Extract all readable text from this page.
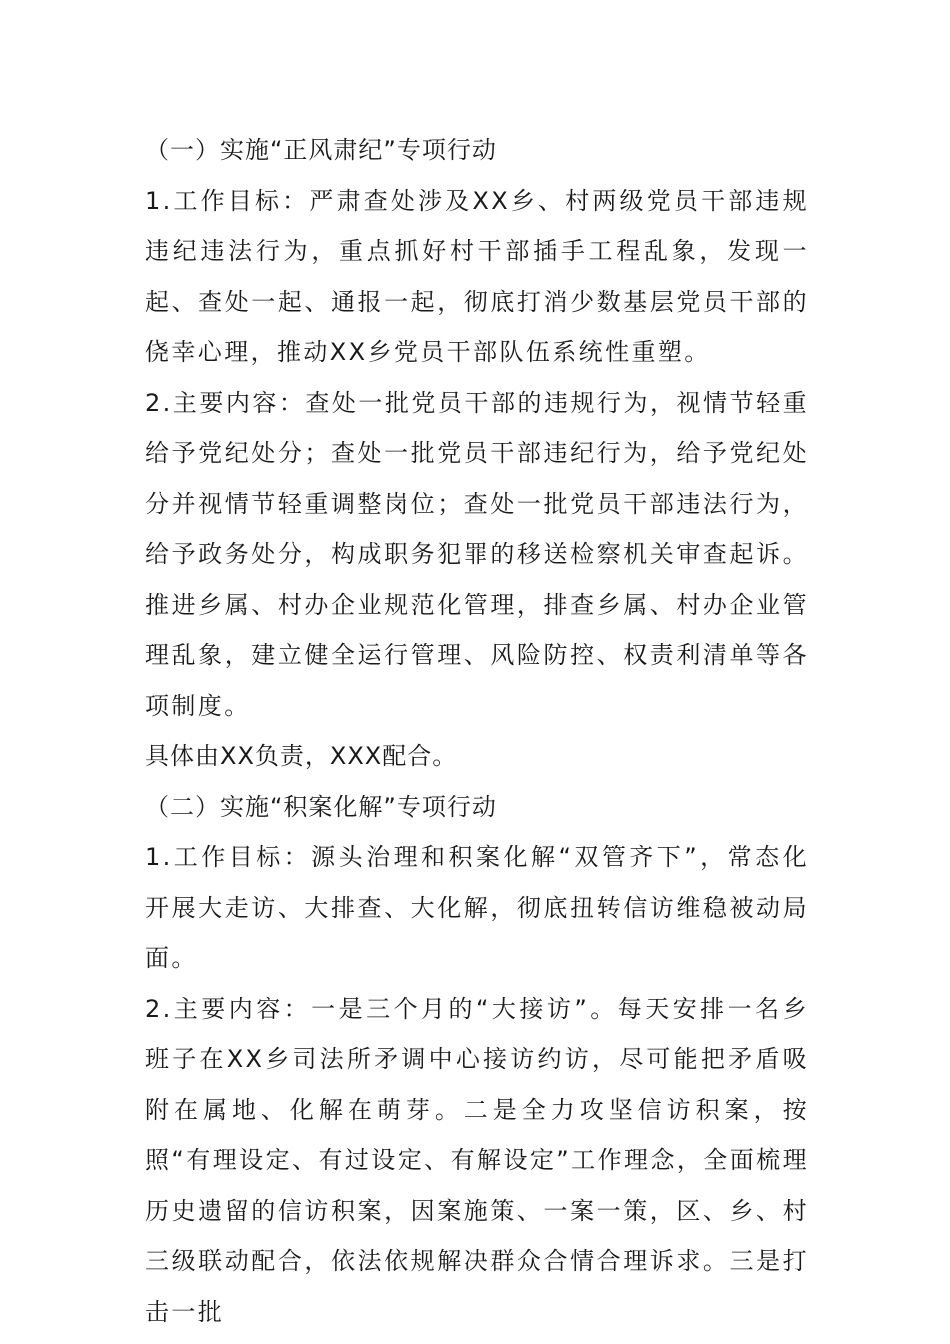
（一）实施“正风肃纪”专项行动

1.工作目标：严肃查处涉及XX乡、村两级党员干部违规违纪违法行为，重点抓好村干部插手工程乱象，发现一起、查处一起、通报一起，彻底打消少数基层党员干部的侥幸心理，推动XX乡党员干部队伍系统性重塑。

2.主要内容：查处一批党员干部的违规行为，视情节轻重给予党纪处分；查处一批党员干部违纪行为，给予党纪处分并视情节轻重调整岗位；查处一批党员干部违法行为，给予政务处分，构成职务犯罪的移送检察机关审查起诉。推进乡属、村办企业规范化管理，排查乡属、村办企业管理乱象，建立健全运行管理、风险防控、权责利清单等各项制度。

具体由XX负责，XXX配合。

（二）实施“积案化解”专项行动

1.工作目标：源头治理和积案化解“双管齐下”，常态化开展大走访、大排查、大化解，彻底扭转信访维稳被动局面。

2.主要内容：一是三个月的“大接访”。每天安排一名乡班子在XX乡司法所矛调中心接访约访，尽可能把矛盾吸附在属地、化解在萌芽。二是全力攻坚信访积案，按照“有理设定、有过设定、有解设定”工作理念，全面梳理历史遗留的信访积案，因案施策、一案一策，区、乡、村三级联动配合，依法依规解决群众合情合理诉求。三是打击一批
